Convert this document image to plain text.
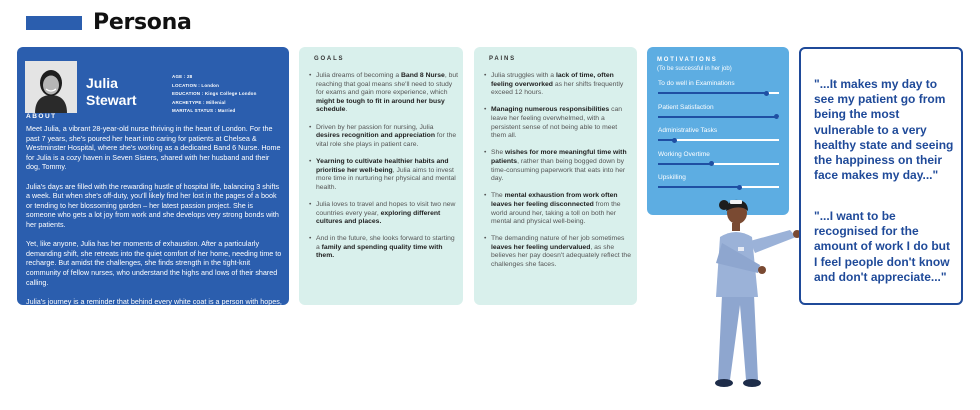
Persona
Julia
Stewart
AGE : 28
LOCATION : London
EDUCATION : Kings College London
ARCHETYPE : Millenial
MARITAL STATUS : Married
ABOUT

Meet Julia, a vibrant 28-year-old nurse thriving in the heart of London. For the past 7 years, she's poured her heart into caring for patients at Chelsea & Westminster Hospital, where she's working as a dedicated Band 6 Nurse. Home for Julia is a cozy haven in Seven Sisters, shared with her husband and their dog, Tommy.

Julia's days are filled with the rewarding hustle of hospital life, balancing 3 shifts a week. But when she's off-duty, you'll likely find her lost in the pages of a book or tending to her blossoming garden – her latest passion project. She is someone who gets a lot joy from work and she develops very strong bonds with her patients.

Yet, like anyone, Julia has her moments of exhaustion. After a particularly demanding shift, she retreats into the quiet comfort of her home, needing time to recharge. But amidst the challenges, she finds strength in the tight-knit community of fellow nurses, who understand the highs and lows of their shared calling.

Julia's journey is a reminder that behind every white coat is a person with hopes, dreams, and the resilience to weather life's storms – and she's no exception.

GOALS
• Julia dreams of becoming a Band 8 Nurse, but reaching that goal means she'll need to study for exams and gain more experience, which might be tough to fit in around her busy schedule.
• Driven by her passion for nursing, Julia desires recognition and appreciation for the vital role she plays in patient care.
• Yearning to cultivate healthier habits and prioritise her well-being, Julia aims to invest more time in nurturing her physical and mental health.
• Julia loves to travel and hopes to visit two new countries every year, exploring different cultures and places.
• And in the future, she looks forward to starting a family and spending quality time with them.
PAINS
• Julia struggles with a lack of time, often feeling overworked as her shifts frequently exceed 12 hours.
• Managing numerous responsibilities can leave her feeling overwhelmed, with a persistent sense of not being able to meet them all.
• She wishes for more meaningful time with patients, rather than being bogged down by time-consuming paperwork that eats into her day.
• The mental exhaustion from work often leaves her feeling disconnected from the world around her, taking a toll on both her mental and physical well-being.
• The demanding nature of her job sometimes leaves her feeling undervalued, as she believes her pay doesn't adequately reflect the challenges she faces.
MOTIVATIONS
(To be successful in her job)
To do well in Examinations
Patient Satisfaction
Administrative Tasks
Working Overtime
Upskilling
"...It makes my day to see my patient go from being the most vulnerable to a very healthy state and seeing the happiness on their face makes my day..."
"...I want to be recognised for the amount of work I do but I feel people don't know and don't appreciate..."
